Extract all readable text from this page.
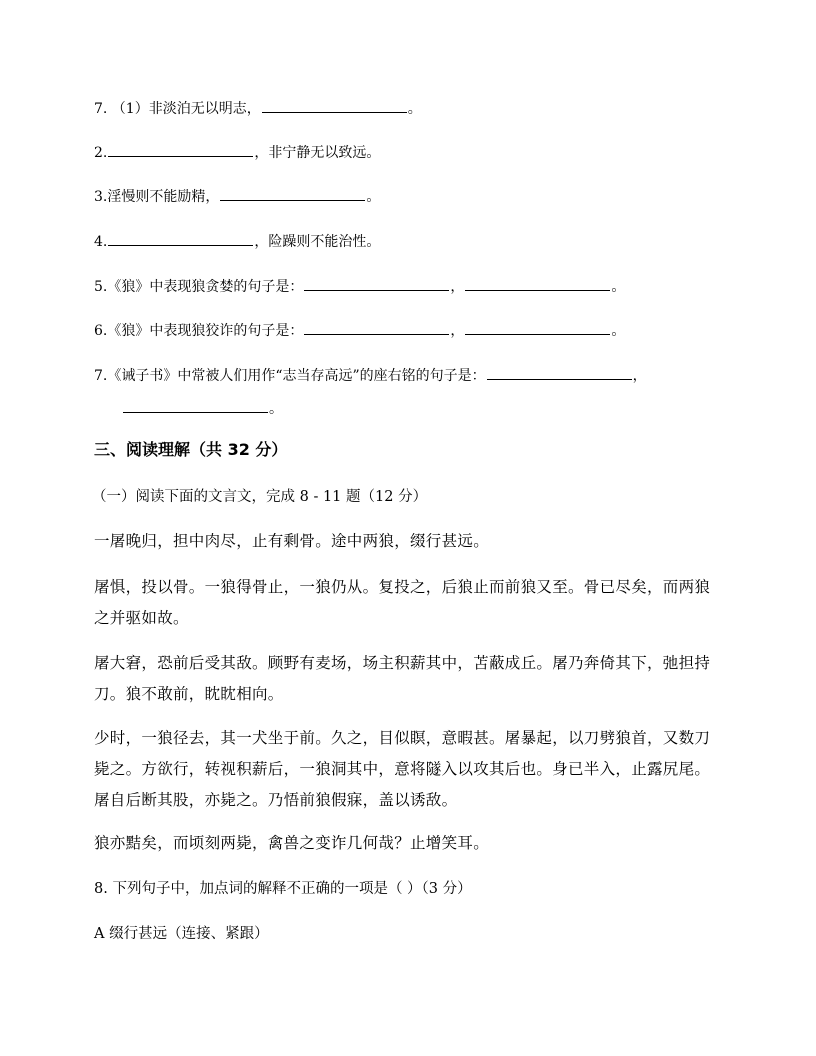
7. （1）非淡泊无以明志，	。
2.	，非宁静无以致远。
3.淫慢则不能励精，	。
4.	，险躁则不能治性。
5.《狼》中表现狼贪婪的句子是：	，	。
6.《狼》中表现狼狡诈的句子是：	，	。
7.《诫子书》中常被人们用作“志当存高远”的座右铭的句子是：	，
。
三、阅读理解（共 32 分）
（一）阅读下面的文言文，完成 8 - 11 题（12 分）
一屠晚归，担中肉尽，止有剩骨。途中两狼，缀行甚远。
屠惧，投以骨。一狼得骨止，一狼仍从。复投之，后狼止而前狼又至。骨已尽矣，而两狼之并驱如故。
屠大窘，恐前后受其敌。顾野有麦场，场主积薪其中，苫蔽成丘。屠乃奔倚其下，弛担持刀。狼不敢前，眈眈相向。
少时，一狼径去，其一犬坐于前。久之，目似瞑，意暇甚。屠暴起，以刀劈狼首，又数刀毙之。方欲行，转视积薪后，一狼洞其中，意将隧入以攻其后也。身已半入，止露尻尾。屠自后断其股，亦毙之。乃悟前狼假寐，盖以诱敌。
狼亦黠矣，而顷刻两毙，禽兽之变诈几何哉？止增笑耳。
8. 下列句子中，加点词的解释不正确的一项是（ ）（3 分）
A 缀行甚远（连接、紧跟）
